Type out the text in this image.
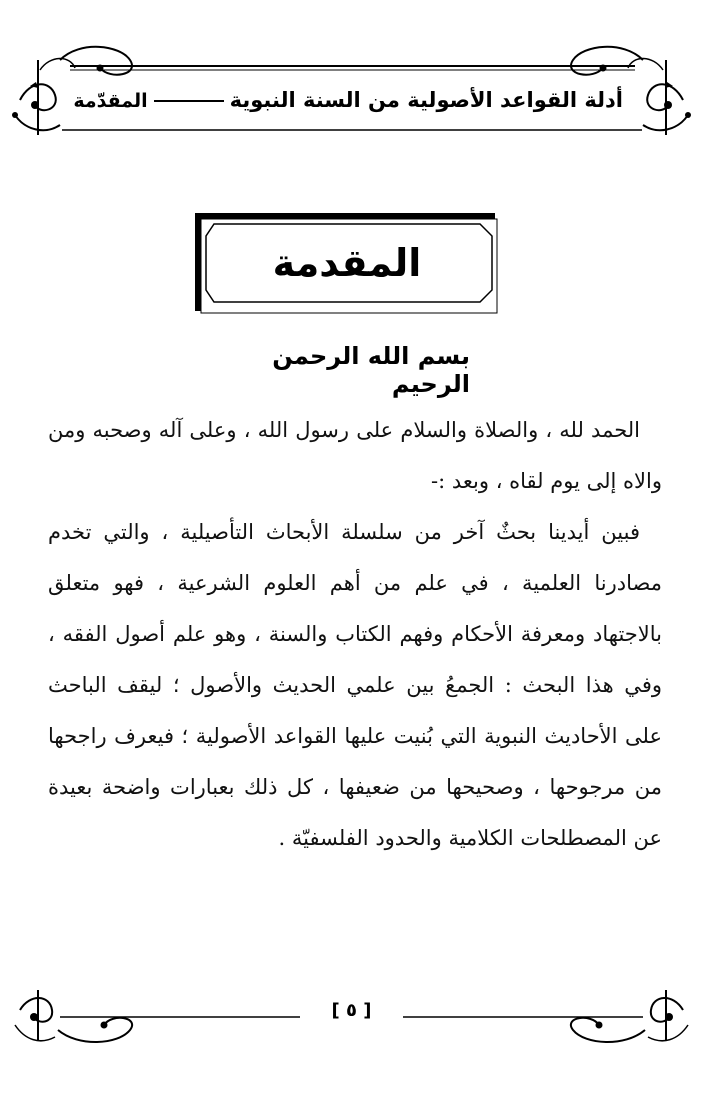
أدلة القواعد الأصولية من السنة النبويةالمقدّمة
المقدمة
بسم الله الرحمن الرحيم

الحمد لله ، والصلاة والسلام على رسول الله ، وعلى آله وصحبه ومن والاه إلى يوم لقاه ، وبعد :-

فبين أيدينا بحثٌ آخر من سلسلة الأبحاث التأصيلية ، والتي تخدم مصادرنا العلمية ، في علم من أهم العلوم الشرعية ، فهو متعلق بالاجتهاد ومعرفة الأحكام وفهم الكتاب والسنة ، وهو علم أصول الفقه ، وفي هذا البحث : الجمعُ بين علمي الحديث والأصول ؛ ليقف الباحث على الأحاديث النبوية التي بُنيت عليها القواعد الأصولية ؛ فيعرف راجحها من مرجوحها ، وصحيحها من ضعيفها ، كل ذلك بعبارات واضحة بعيدة عن المصطلحات الكلامية والحدود الفلسفيّة .

[ ٥ ]
